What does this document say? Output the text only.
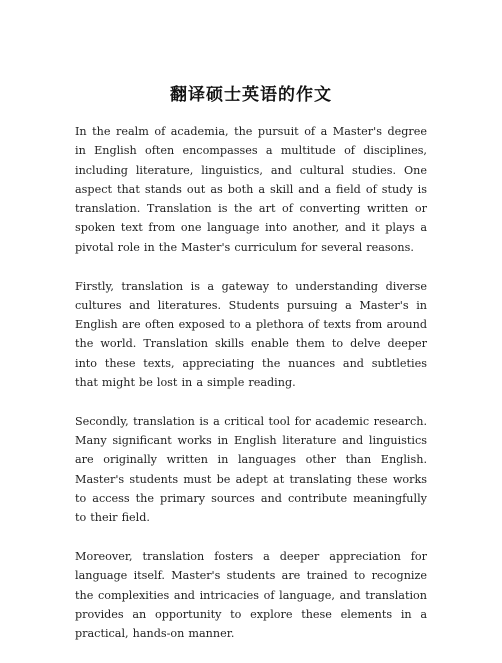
翻译硕士英语的作文

In the realm of academia, the pursuit of a Master's degree in English often encompasses a multitude of disciplines, including literature, linguistics, and cultural studies. One aspect that stands out as both a skill and a field of study is translation. Translation is the art of converting written or spoken text from one language into another, and it plays a pivotal role in the Master's curriculum for several reasons.

Firstly, translation is a gateway to understanding diverse cultures and literatures. Students pursuing a Master's in English are often exposed to a plethora of texts from around the world. Translation skills enable them to delve deeper into these texts, appreciating the nuances and subtleties that might be lost in a simple reading.

Secondly, translation is a critical tool for academic research. Many significant works in English literature and linguistics are originally written in languages other than English. Master's students must be adept at translating these works to access the primary sources and contribute meaningfully to their field.

Moreover, translation fosters a deeper appreciation for language itself. Master's students are trained to recognize the complexities and intricacies of language, and translation provides an opportunity to explore these elements in a practical, hands-on manner.
